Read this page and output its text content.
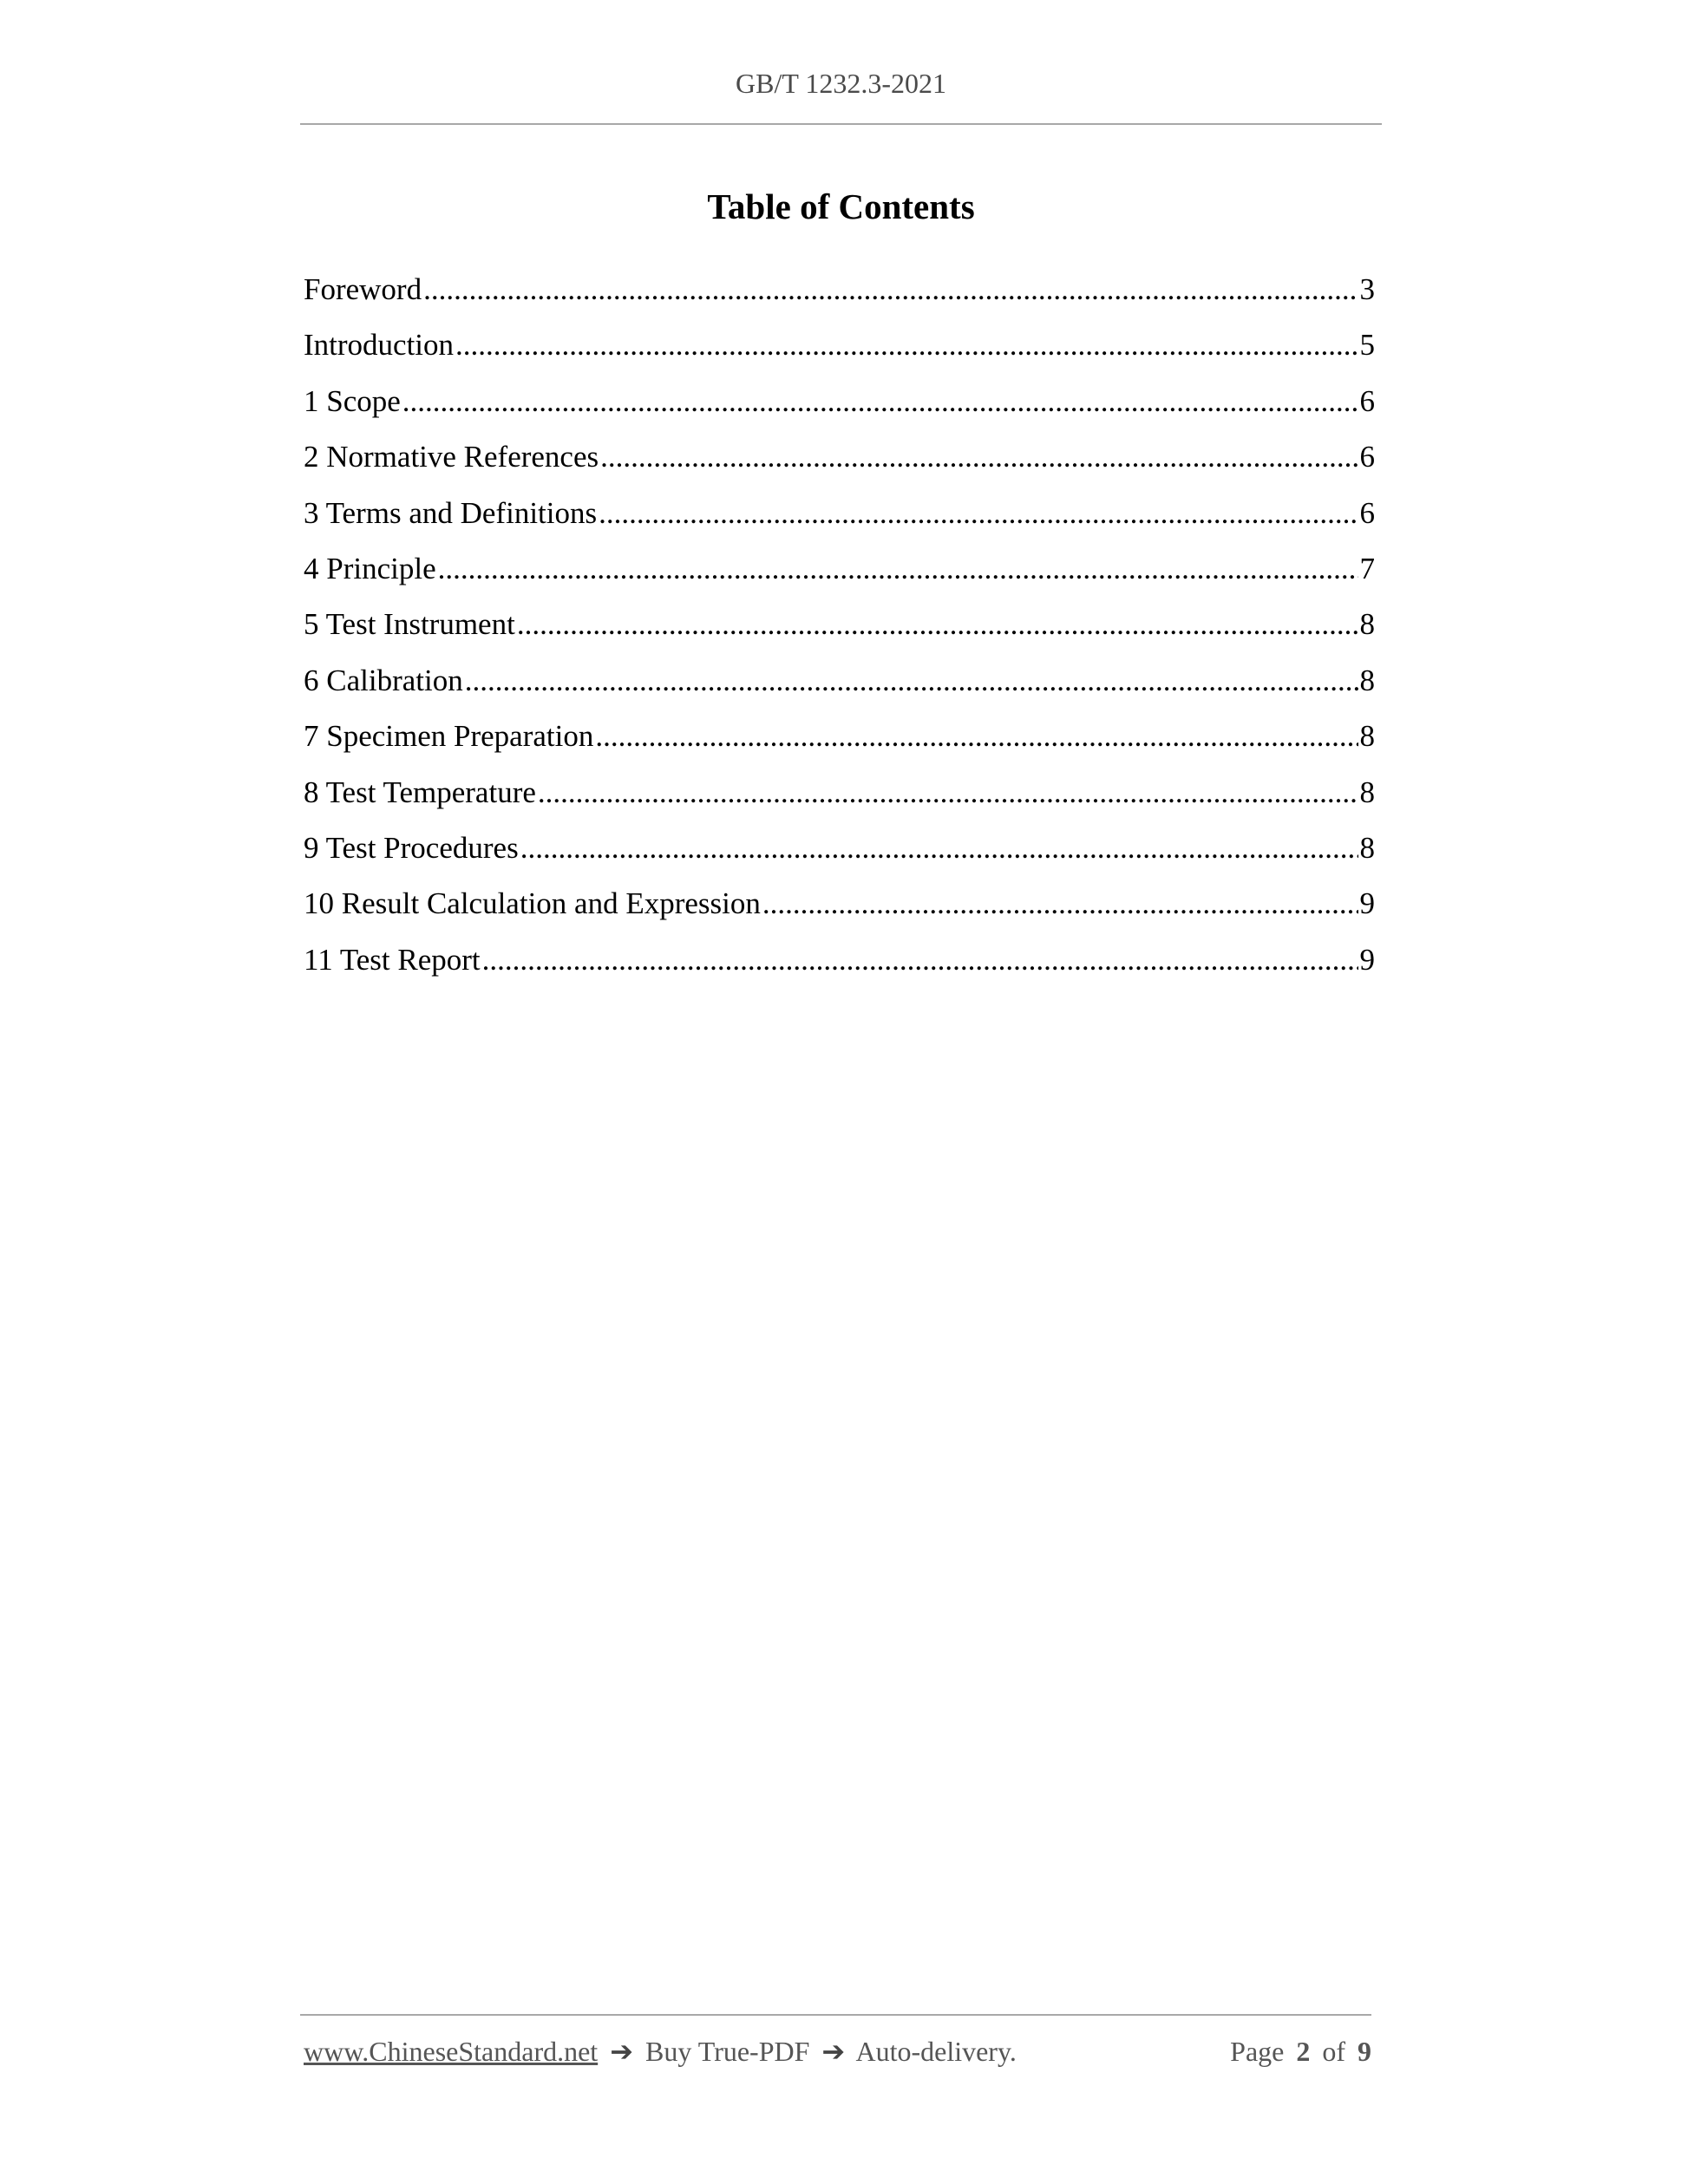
GB/T 1232.3-2021
Table of Contents
Foreword .....	3
Introduction .....	5
1 Scope .....	6
2 Normative References .....	6
3 Terms and Definitions .....	6
4 Principle .....	7
5 Test Instrument .....	8
6 Calibration .....	8
7 Specimen Preparation .....	8
8 Test Temperature .....	8
9 Test Procedures .....	8
10 Result Calculation and Expression .....	9
11 Test Report .....	9
www.ChineseStandard.net ➔ Buy True-PDF ➔ Auto-delivery.	Page 2 of 9
